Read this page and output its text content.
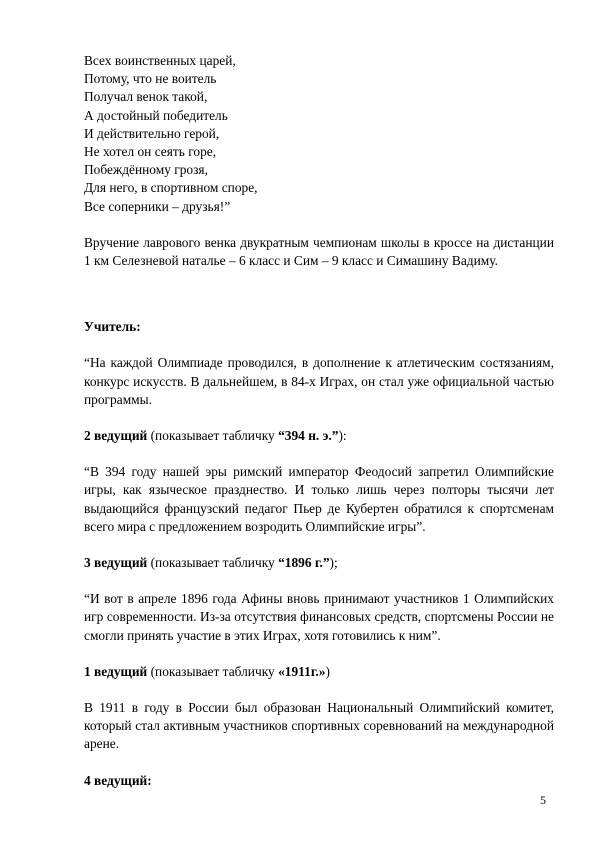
Всех воинственных царей,
Потому, что не воитель
Получал венок такой,
А достойный победитель
И действительно герой,
Не хотел он сеять горе,
Побеждённому грозя,
Для него, в спортивном споре,
Все соперники – друзья!”
Вручение лаврового венка двукратным чемпионам школы в кроссе на дистанции 1 км Селезневой наталье – 6 класс и Сим – 9 класс и Симашину Вадиму.
Учитель:
“На каждой Олимпиаде проводился, в дополнение к атлетическим состязаниям, конкурс искусств. В дальнейшем, в 84-х Играх, он стал уже официальной частью программы.
2 ведущий (показывает табличку “394 н. э.”):
“В 394 году нашей эры римский император Феодосий запретил Олимпийские игры, как языческое празднество. И только лишь через полторы тысячи лет выдающийся французский педагог Пьер де Кубертен обратился к спортсменам всего мира с предложением возродить Олимпийские игры”.
3 ведущий (показывает табличку “1896 г.”);
“И вот в апреле 1896 года Афины вновь принимают участников 1 Олимпийских игр современности. Из-за отсутствия финансовых средств, спортсмены России не смогли принять участие в этих Играх, хотя готовились к ним”.
1 ведущий (показывает табличку «1911г.»)
В 1911 в году в России был образован Национальный Олимпийский комитет, который стал активным участников спортивных соревнований на международной арене.
4 ведущий:
5
